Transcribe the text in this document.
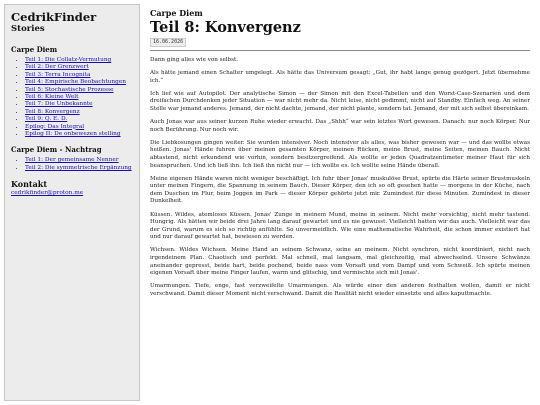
CedrikFinder
Stories
Carpe Diem
• Teil 1: Die Collatz-Vermutung
• Teil 2: Der Grenzwert
• Teil 3: Terra Incognita
• Teil 4: Empirische Beobachtungen
• Teil 5: Stochastische Prozesse
• Teil 6: Kleine Welt
• Teil 7: Die Unbekannte
• Teil 8: Konvergenz
• Teil 9: Q. E. D.
• Epilog: Das Integral
• Epilog II: De onbewezen stelling
Carpe Diem - Nachtrag
• Teil 1: Der gemeinsame Nenner
• Teil 2: Die symmetrische Ergänzung
Kontakt
cedrikfinder@proton.me
Carpe Diem
Teil 8: Konvergenz
16.06.2026

Dann ging alles wie von selbst.

Als hätte jemand einen Schalter umgelegt. Als hätte das Universum gesagt: „Gut, ihr habt lange genug gezögert. Jetzt übernehme ich.“

Ich lief wie auf Autopilot. Der analytische Simon — der Simon mit den Excel-Tabellen und den Worst-Case-Szenarien und dem dreifachen Durchdenken jeder Situation — war nicht mehr da. Nicht leise, nicht gedimmt, nicht auf Standby. Einfach weg. An seiner Stelle war jemand anderes. Jemand, der nicht dachte, jemand, der nicht plante, sondern tat. Jemand, der mit sich selbst übereinkam.

Auch Jonas war aus seiner kurzen Ruhe wieder erwacht. Das „Shhh“ war sein letztes Wort gewesen. Danach: nur noch Körper. Nur noch Berührung. Nur noch wir.

Die Liebkosungen gingen weiter. Sie wurden intensiver. Noch intensiver als alles, was bisher gewesen war — und das wollte etwas heißen. Jonas' Hände fuhren über meinen gesamten Körper, meinen Rücken, meine Brust, meine Seiten, meinen Bauch. Nicht abtastend, nicht erkundend wie vorhin, sondern besitzergreifend. Als wollte er jeden Quadratzentimeter meiner Haut für sich beanspruchen. Und ich ließ ihn. Ich ließ ihn nicht nur — ich wollte es. Ich wollte seine Hände überall.

Meine eigenen Hände waren nicht weniger beschäftigt. Ich fuhr über Jonas' muskulöse Brust, spürte die Härte seiner Brustmuskeln unter meinen Fingern, die Spannung in seinem Bauch. Dieser Körper, den ich so oft gesehen hatte — morgens in der Küche, nach dem Duschen im Flur, beim Joggen im Park — dieser Körper gehörte jetzt mir. Zumindest für diese Minuten. Zumindest in dieser Dunkelheit.

Küssen. Wildes, atemloses Küssen. Jonas' Zunge in meinem Mund, meine in seinem. Nicht mehr vorsichtig, nicht mehr tastend. Hungrig. Als hätten wir beide drei Jahre lang darauf gewartet und es nie gewusst. Vielleicht hatten wir das auch. Vielleicht war das der Grund, warum es sich so richtig anfühlte. So unvermeidlich. Wie eine mathematische Wahrheit, die schon immer existiert hat und nur darauf gewartet hat, bewiesen zu werden.

Wichsen. Wildes Wichsen. Meine Hand an seinem Schwanz, seine an meinem. Nicht synchron, nicht koordiniert, nicht nach irgendeinem Plan. Chaotisch und perfekt. Mal schnell, mal langsam, mal gleichzeitig, mal abwechselnd. Unsere Schwänze aneinander gepresst, beide hart, beide pochend, beide nass vom Vorsaft und vom Dampf und vom Schweiß. Ich spürte meinen eigenen Vorsaft über meine Finger laufen, warm und glitschig, und vermischte sich mit Jonas'.

Umarmungen. Tiefe, enge, fast verzweifelte Umarmungen. Als würde einer den anderen festhalten wollen, damit er nicht verschwand. Damit dieser Moment nicht verschwand. Damit die Realität nicht wieder einsetzte und alles kaputtmachte.
